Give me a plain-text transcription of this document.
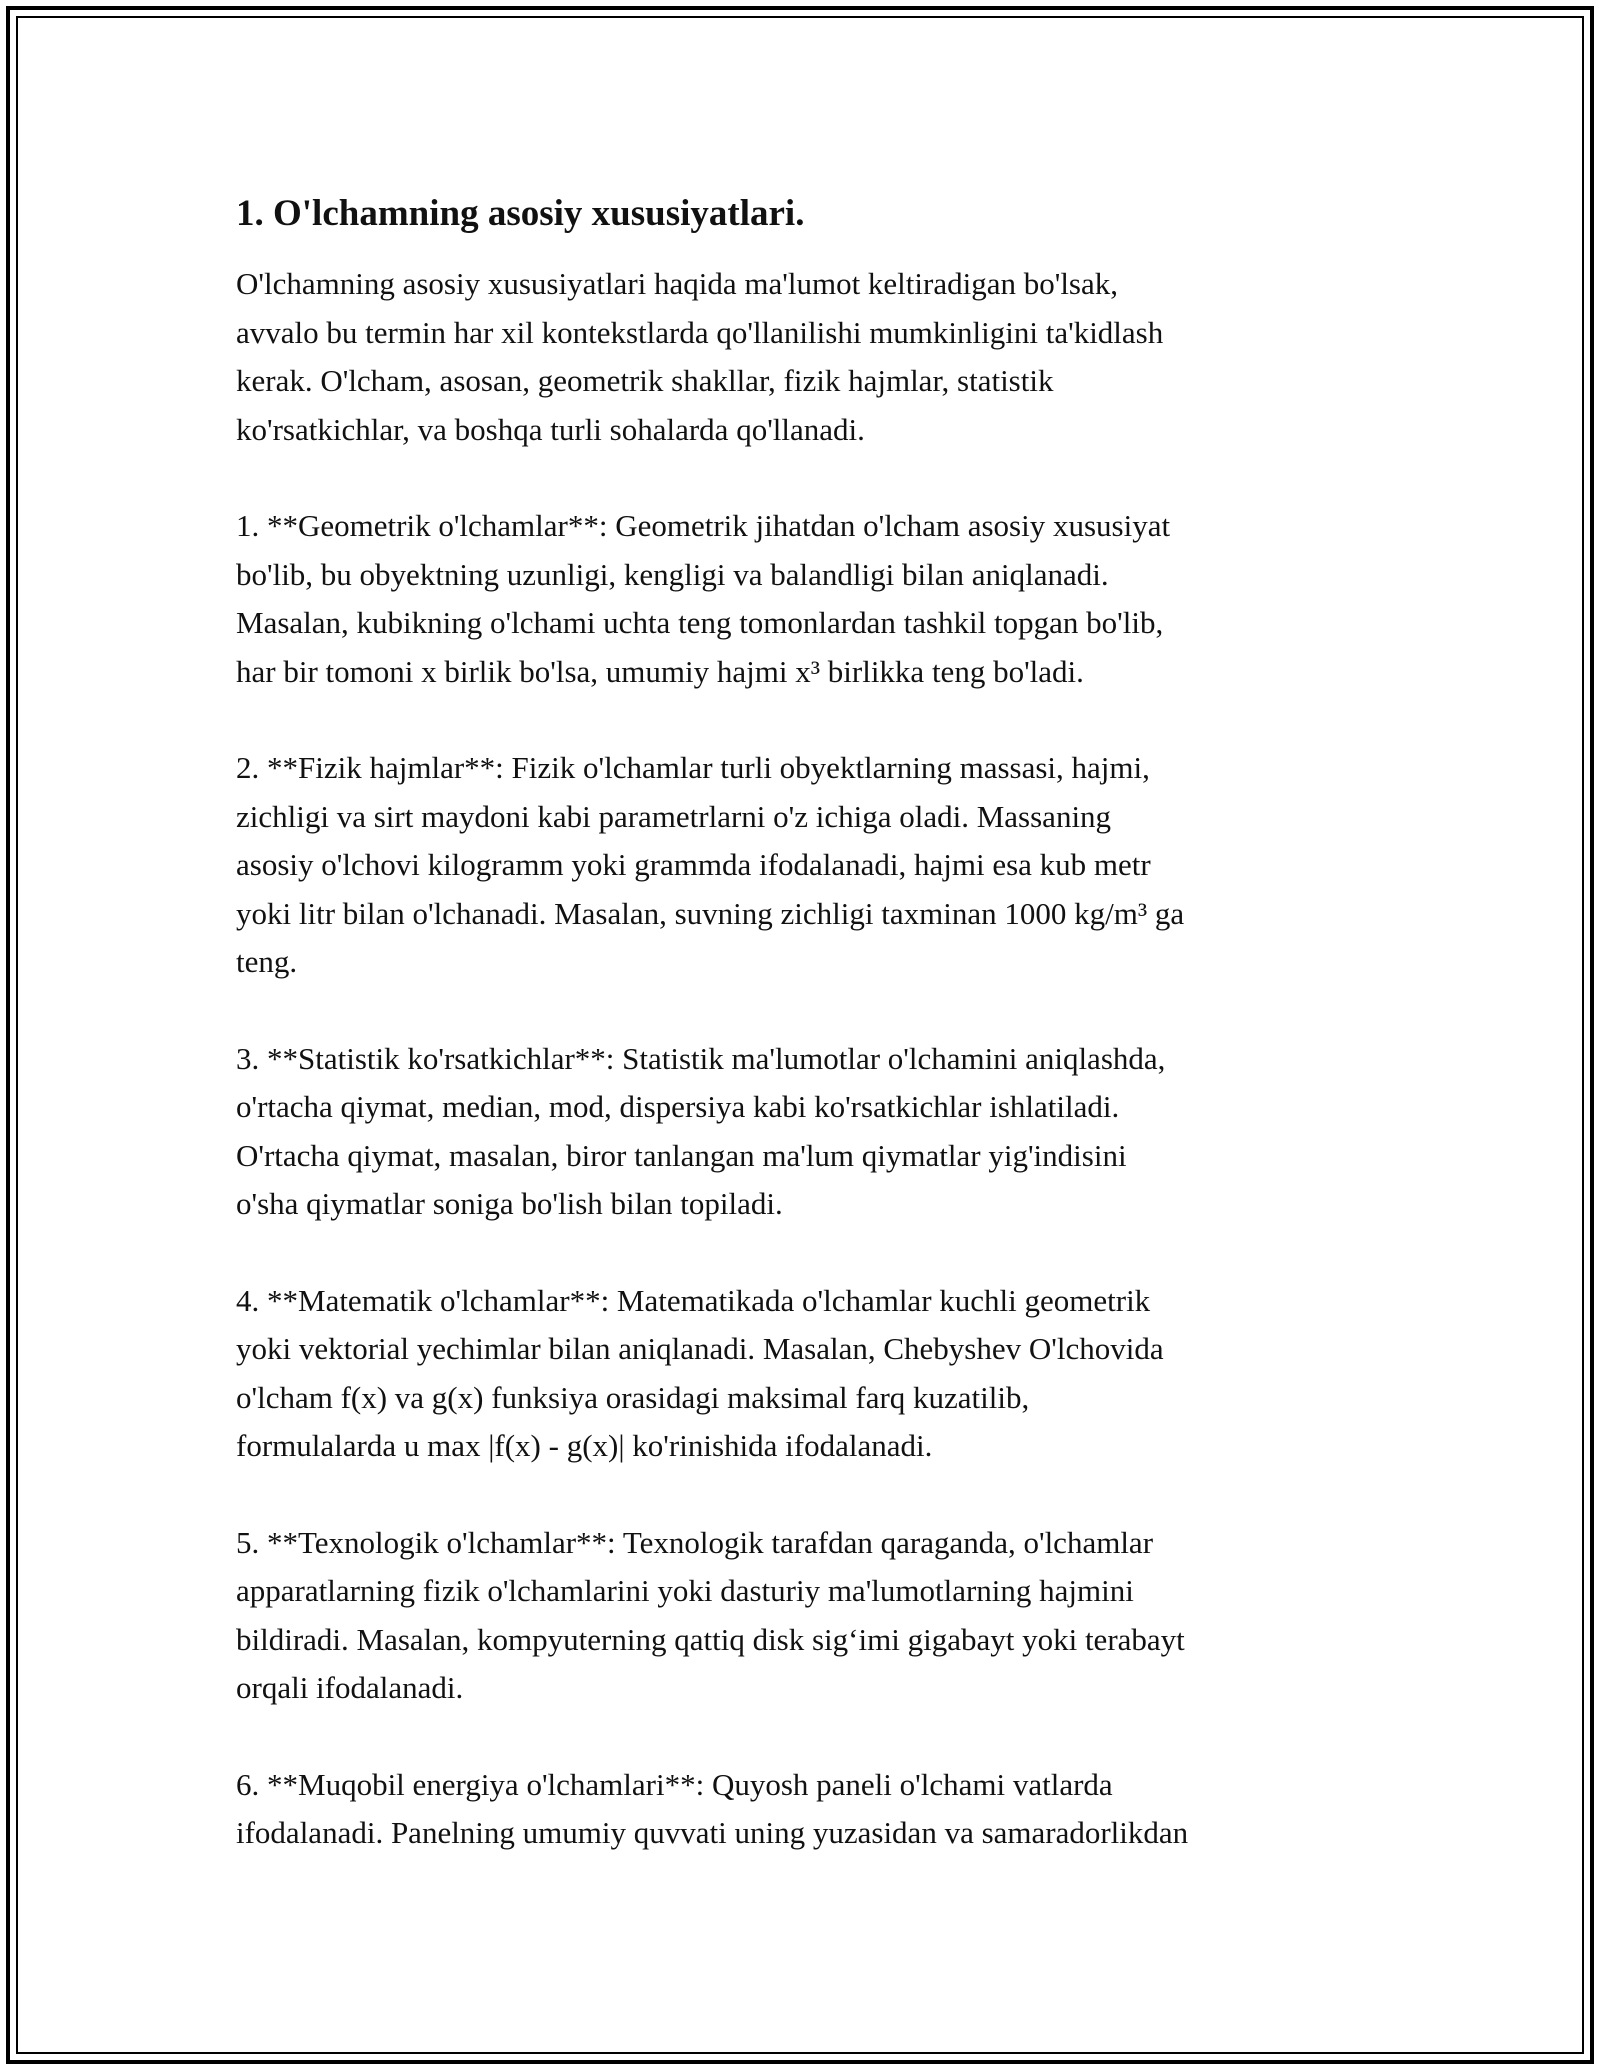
1. O'lchamning asosiy xususiyatlari.

O'lchamning asosiy xususiyatlari haqida ma'lumot keltiradigan bo'lsak,
avvalo bu termin har xil kontekstlarda qo'llanilishi mumkinligini ta'kidlash
kerak. O'lcham, asosan, geometrik shakllar, fizik hajmlar, statistik
ko'rsatkichlar, va boshqa turli sohalarda qo'llanadi.

1. **Geometrik o'lchamlar**: Geometrik jihatdan o'lcham asosiy xususiyat
bo'lib, bu obyektning uzunligi, kengligi va balandligi bilan aniqlanadi.
Masalan, kubikning o'lchami uchta teng tomonlardan tashkil topgan bo'lib,
har bir tomoni x birlik bo'lsa, umumiy hajmi x³ birlikka teng bo'ladi.

2. **Fizik hajmlar**: Fizik o'lchamlar turli obyektlarning massasi, hajmi,
zichligi va sirt maydoni kabi parametrlarni o'z ichiga oladi. Massaning
asosiy o'lchovi kilogramm yoki grammda ifodalanadi, hajmi esa kub metr
yoki litr bilan o'lchanadi. Masalan, suvning zichligi taxminan 1000 kg/m³ ga
teng.

3. **Statistik ko'rsatkichlar**: Statistik ma'lumotlar o'lchamini aniqlashda,
o'rtacha qiymat, median, mod, dispersiya kabi ko'rsatkichlar ishlatiladi.
O'rtacha qiymat, masalan, biror tanlangan ma'lum qiymatlar yig'indisini
o'sha qiymatlar soniga bo'lish bilan topiladi.

4. **Matematik o'lchamlar**: Matematikada o'lchamlar kuchli geometrik
yoki vektorial yechimlar bilan aniqlanadi. Masalan, Chebyshev O'lchovida
o'lcham f(x) va g(x) funksiya orasidagi maksimal farq kuzatilib,
formulalarda u max |f(x) - g(x)| ko'rinishida ifodalanadi.

5. **Texnologik o'lchamlar**: Texnologik tarafdan qaraganda, o'lchamlar
apparatlarning fizik o'lchamlarini yoki dasturiy ma'lumotlarning hajmini
bildiradi. Masalan, kompyuterning qattiq disk sig‘imi gigabayt yoki terabayt
orqali ifodalanadi.

6. **Muqobil energiya o'lchamlari**: Quyosh paneli o'lchami vatlarda
ifodalanadi. Panelning umumiy quvvati uning yuzasidan va samaradorlikdan
